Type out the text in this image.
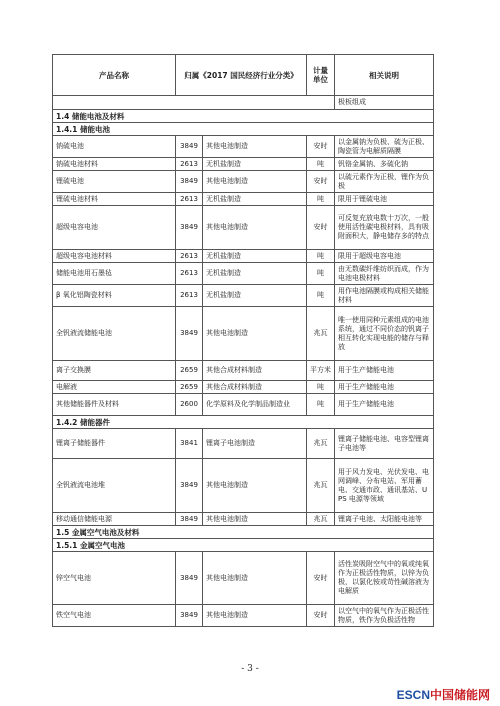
产品名称	归属《2017 国民经济行业分类》		计量单位	相关说明
				极板组成
1.4 储能电池及材料				
1.4.1 储能电池				
钠硫电池	3849	其他电池制造	安时	以金属钠为负极、硫为正极、陶瓷管为电解质隔膜
钠硫电池材料	2613	无机盐制造	吨	钒铬金属钠、多硫化钠
锂硫电池	3849	其他电池制造	安时	以硫元素作为正极，锂作为负极
锂硫电池材料	2613	无机盐制造	吨	限用于锂硫电池
超级电容电池	3849	其他电池制造	安时	可反复充放电数十万次，一般使用活性碳电极材料，具有吸附面积大，静电储存多的特点
超级电容电池材料	2613	无机盐制造	吨	限用于超级电容电池
储能电池用石墨毡	2613	无机盐制造	吨	由无数碳纤维纺织而成，作为电池电极材料
β 氧化铝陶瓷材料	2613	无机盐制造	吨	用作电池隔膜或构成相关储能材料
全钒液流储能电池	3849	其他电池制造	兆瓦	唯一使用同种元素组成的电池系统，通过不同价态的钒离子相互转化实现电能的储存与释放
离子交换膜	2659	其他合成材料制造	平方米	用于生产储能电池
电解液	2659	其他合成材料制造	吨	用于生产储能电池
其他储能器件及材料	2600	化学原料及化学制品制造业	吨	用于生产储能电池
1.4.2 储能器件				
锂离子储能器件	3841	锂离子电池制造	兆瓦	锂离子储能电池、电容型锂离子电池等
全钒液流电池堆	3849	其他电池制造	兆瓦	用于风力发电、光伏发电、电网调峰、分布电站、军用蓄电、交通市政、通讯基站、UPS 电源等领域
移动通信储能电源	3849	其他电池制造	兆瓦	锂离子电池、太阳能电池等
1.5 金属空气电池及材料				
1.5.1 金属空气电池				
锌空气电池	3849	其他电池制造	安时	活性炭吸附空气中的氧或纯氧作为正极活性物质，以锌为负极，以氯化铵或苛性碱溶液为电解质
铁空气电池	3849	其他电池制造	安时	以空气中的氧气作为正极活性物质，铁作为负极活性物
- 3 -
ESCN中国储能网
